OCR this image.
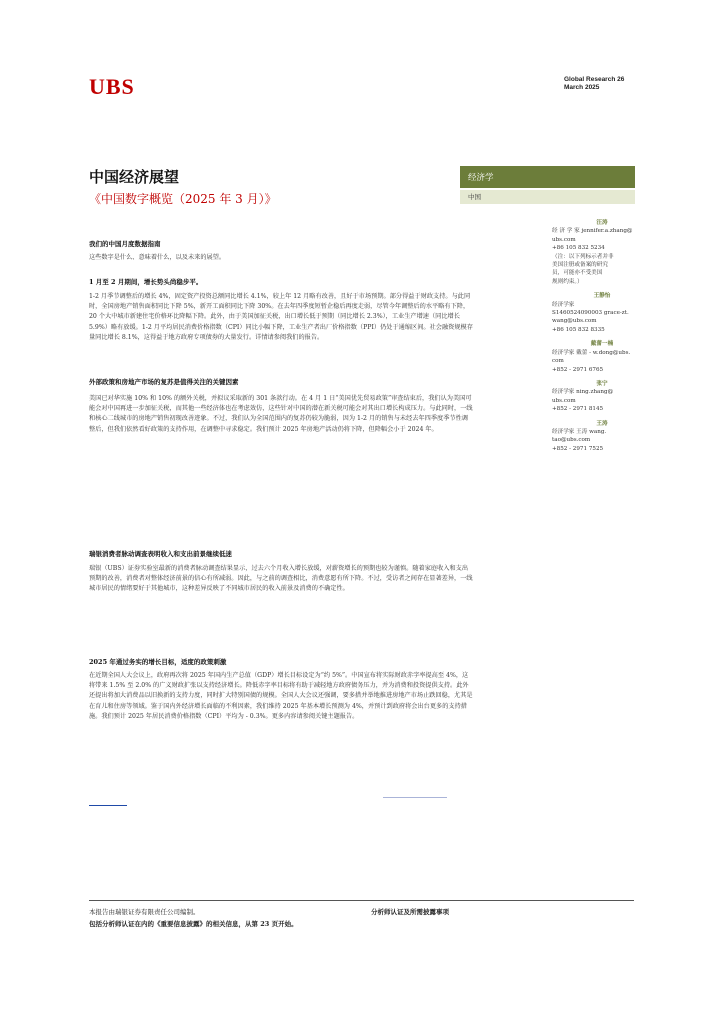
UBS	Global Research 26
March 2025
中国经济展望
《中国数字概览（2025 年 3 月）》
经济学
中国
汪涛
经 济 学 家 jennifer.a.zhang@
ubs.com
+86 105 832 5234
（注：以下列标示者并非
美国注册或备案的研究
员，可能亦不受美国
规则约束。）
王静怡
经济学家
S1460524090003 grace-zt.
wang@ubs.com
+86 105 832 8335
戴蕾一楠
经济学家 戴蕾 - w.dong@ubs.
com
+852 - 2971 6765
张宁
经济学家 ning.zhang@
ubs.com
+852 - 2971 8145
王涛
经济学家 王涛 wang.
tao@ubs.com
+852 - 2971 7525
我们的中国月度数据指南
这些数字是什么、意味着什么，以及未来的展望。
1 月至 2 月期间，增长势头尚稳步平。
1-2 月季节调整后的增长 4%，固定资产投资总额同比增长 4.1%，较上年 12 月略有改善，且好于市场预期。部分得益于财政支持。与此同时，全国房地产销售面积同比下降 5%，新开工面积同比下降 30%。在去年四季度短暂企稳后再度走弱，尽管今年调整后的水平略有下降，20 个大中城市新建住宅价格环比降幅下降。此外，由于美国加征关税，出口增长低于预期（同比增长 2.3%），工业生产增速（同比增长 5.9%）略有放缓。1-2 月平均居民消费价格指数（CPI）同比小幅下降，工业生产者出厂价格指数（PPI）仍处于通缩区间。社会融资规模存量同比增长 8.1%，这得益于地方政府专项债券的大量发行。详情请参阅我们的报告。
外部政策和房地产市场的复苏是值得关注的关键因素
美国已对华实施 10% 和 10% 的额外关税，并拟议采取新的 301 条款行动。在 4 月 1 日“美国优先贸易政策”审查结束后，我们认为美国可能会对中国再进一步加征关税，而其他一些经济体也在考虑效仿，这些针对中国的潜在新关税可能会对其出口增长构成压力。与此同时，一线和核心二线城市的房地产销售初现改善迹象。不过，我们认为全国范围内的复苏仍较为脆弱，因为 1-2 月的销售与未经去年四季度季节性调整后，但我们依然看好政策的支持作用，在调整中寻求稳定。我们预计 2025 年房地产活动仍将下降，但降幅会小于 2024 年。
瑞银消费者脉动调查表明收入和支出前景继续低迷
瑞银（UBS）证券实验室最新的消费者脉动调查结果显示，过去六个月收入增长放缓，对薪资增长的预期也较为谨慎。随着家庭收入和支出预期的改善，消费者对整体经济前景的信心有所减弱。因此，与之前的调查相比，消费意愿有所下降。不过，受访者之间存在显著差异，一线城市居民的情绪要好于其他城市，这种差异反映了不同城市居民的收入前景及消费的不确定性。
2025 年通过务实的增长目标，适度的政策刺激
在近期全国人大会议上，政府再次将 2025 年国内生产总值（GDP）增长目标设定为“约 5%”。中国宣布将实际财政赤字率提高至 4%，这将带来 1.5% 至 2.0% 的广义财政扩张以支持经济增长。降低赤字率目标将有助于减轻地方政府债务压力，并为消费和投资提供支持。此外还提出将加大消费品以旧换新的支持力度，同时扩大特别国债的规模。全国人大会议还强调，要多措并举地推进房地产市场止跌回稳，尤其是在育儿和住房等领域。鉴于国内外经济增长面临的不利因素，我们维持 2025 年基本增长预测为 4%，并预计到政府将会出台更多的支持措施。我们预计 2025 年居民消费价格指数（CPI）平均为 - 0.3%。更多内容请参阅关键主题报告。
本报告由瑞银证券有限责任公司编制。
包括分析师认证在内的《重要信息披露》的相关信息，从第 23 页开始。
分析师认证及所需披露事项
